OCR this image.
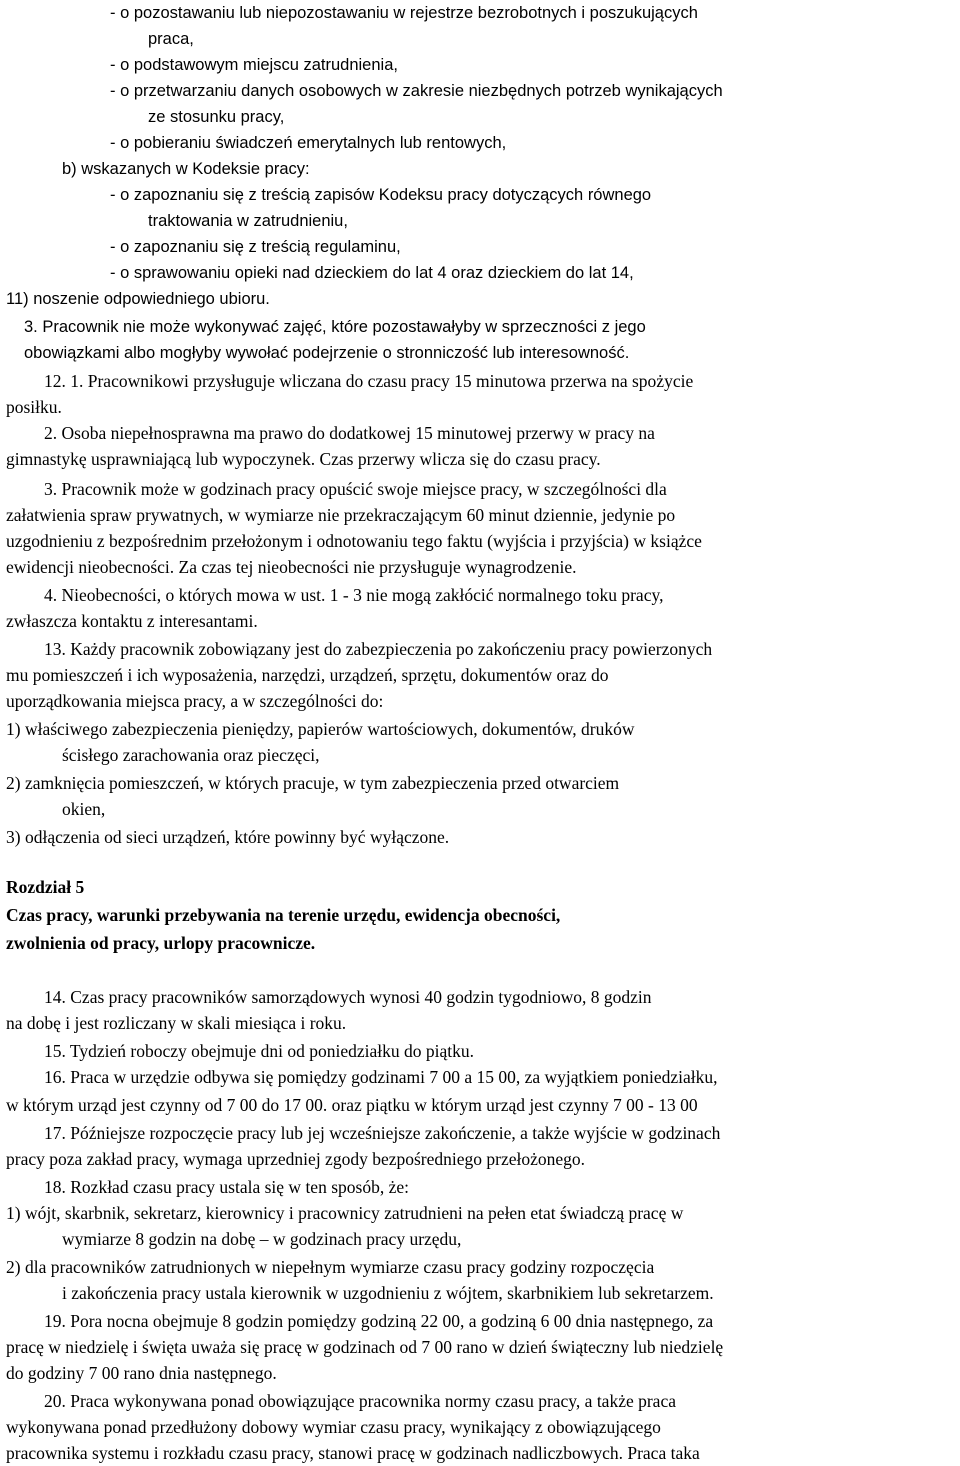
- o pozostawaniu lub niepozostawaniu w rejestrze bezrobotnych i poszukujących
praca,
- o podstawowym miejscu zatrudnienia,
- o przetwarzaniu danych osobowych w zakresie niezbędnych potrzeb wynikających
ze stosunku pracy,
- o pobieraniu świadczeń emerytalnych lub rentowych,
b) wskazanych w Kodeksie pracy:
- o zapoznaniu się z treścią zapisów Kodeksu pracy dotyczących równego
traktowania w zatrudnieniu,
- o zapoznaniu się z treścią regulaminu,
- o sprawowaniu opieki nad dzieckiem do lat 4 oraz dzieckiem do lat 14,
11) noszenie odpowiedniego ubioru.
3. Pracownik nie może wykonywać zajęć, które pozostawałyby w sprzeczności z jego
obowiązkami albo mogłyby wywołać podejrzenie o stronniczość lub interesowność.
12. 1. Pracownikowi przysługuje wliczana do czasu pracy 15 minutowa przerwa na spożycie
posiłku.
2. Osoba niepełnosprawna ma prawo do dodatkowej 15 minutowej przerwy w pracy na
gimnastykę usprawniającą lub wypoczynek. Czas przerwy wlicza się do czasu pracy.
3. Pracownik może w godzinach pracy opuścić swoje miejsce pracy, w szczególności dla
załatwienia spraw prywatnych, w wymiarze nie przekraczającym 60 minut dziennie, jedynie po
uzgodnieniu z bezpośrednim przełożonym i odnotowaniu tego faktu (wyjścia i przyjścia) w książce
ewidencji nieobecności. Za czas tej nieobecności nie przysługuje wynagrodzenie.
4. Nieobecności, o których mowa w ust. 1 - 3 nie mogą zakłócić normalnego toku pracy,
zwłaszcza kontaktu z interesantami.
13. Każdy pracownik zobowiązany jest do zabezpieczenia po zakończeniu pracy powierzonych
mu pomieszczeń i ich wyposażenia, narzędzi, urządzeń, sprzętu, dokumentów oraz do
uporządkowania miejsca pracy, a w szczególności do:
1) właściwego zabezpieczenia pieniędzy, papierów wartościowych, dokumentów, druków
ścisłego zarachowania oraz pieczęci,
2) zamknięcia pomieszczeń, w których pracuje, w tym zabezpieczenia przed otwarciem
okien,
3) odłączenia od sieci urządzeń, które powinny być wyłączone.
Rozdział 5
Czas pracy, warunki przebywania na terenie urzędu, ewidencja obecności,
zwolnienia od pracy, urlopy pracownicze.
14. Czas pracy pracowników samorządowych wynosi 40 godzin tygodniowo, 8 godzin
na dobę i jest rozliczany w skali miesiąca i roku.
15. Tydzień roboczy obejmuje dni od poniedziałku do piątku.
16. Praca w urzędzie odbywa się pomiędzy godzinami 7 00 a 15 00, za wyjątkiem poniedziałku,
w którym urząd jest czynny od 7 00 do 17 00. oraz piątku w którym urząd jest czynny 7 00 - 13 00
17. Późniejsze rozpoczęcie pracy lub jej wcześniejsze zakończenie, a także wyjście w godzinach
pracy poza zakład pracy, wymaga uprzedniej zgody bezpośredniego przełożonego.
18. Rozkład czasu pracy ustala się w ten sposób, że:
1) wójt, skarbnik, sekretarz, kierownicy i pracownicy zatrudnieni na pełen etat świadczą pracę w
wymiarze 8 godzin na dobę – w godzinach pracy urzędu,
2) dla pracowników zatrudnionych w niepełnym wymiarze czasu pracy godziny rozpoczęcia
i zakończenia pracy ustala kierownik w uzgodnieniu z wójtem, skarbnikiem lub sekretarzem.
19. Pora nocna obejmuje 8 godzin pomiędzy godziną 22 00, a godziną 6 00 dnia następnego, za
pracę w niedzielę i święta uważa się pracę w godzinach od 7 00 rano w dzień świąteczny lub niedzielę
do godziny 7 00 rano dnia następnego.
20. Praca wykonywana ponad obowiązujące pracownika normy czasu pracy, a także praca
wykonywana ponad przedłużony dobowy wymiar czasu pracy, wynikający z obowiązującego
pracownika systemu i rozkładu czasu pracy, stanowi pracę w godzinach nadliczbowych. Praca taka
